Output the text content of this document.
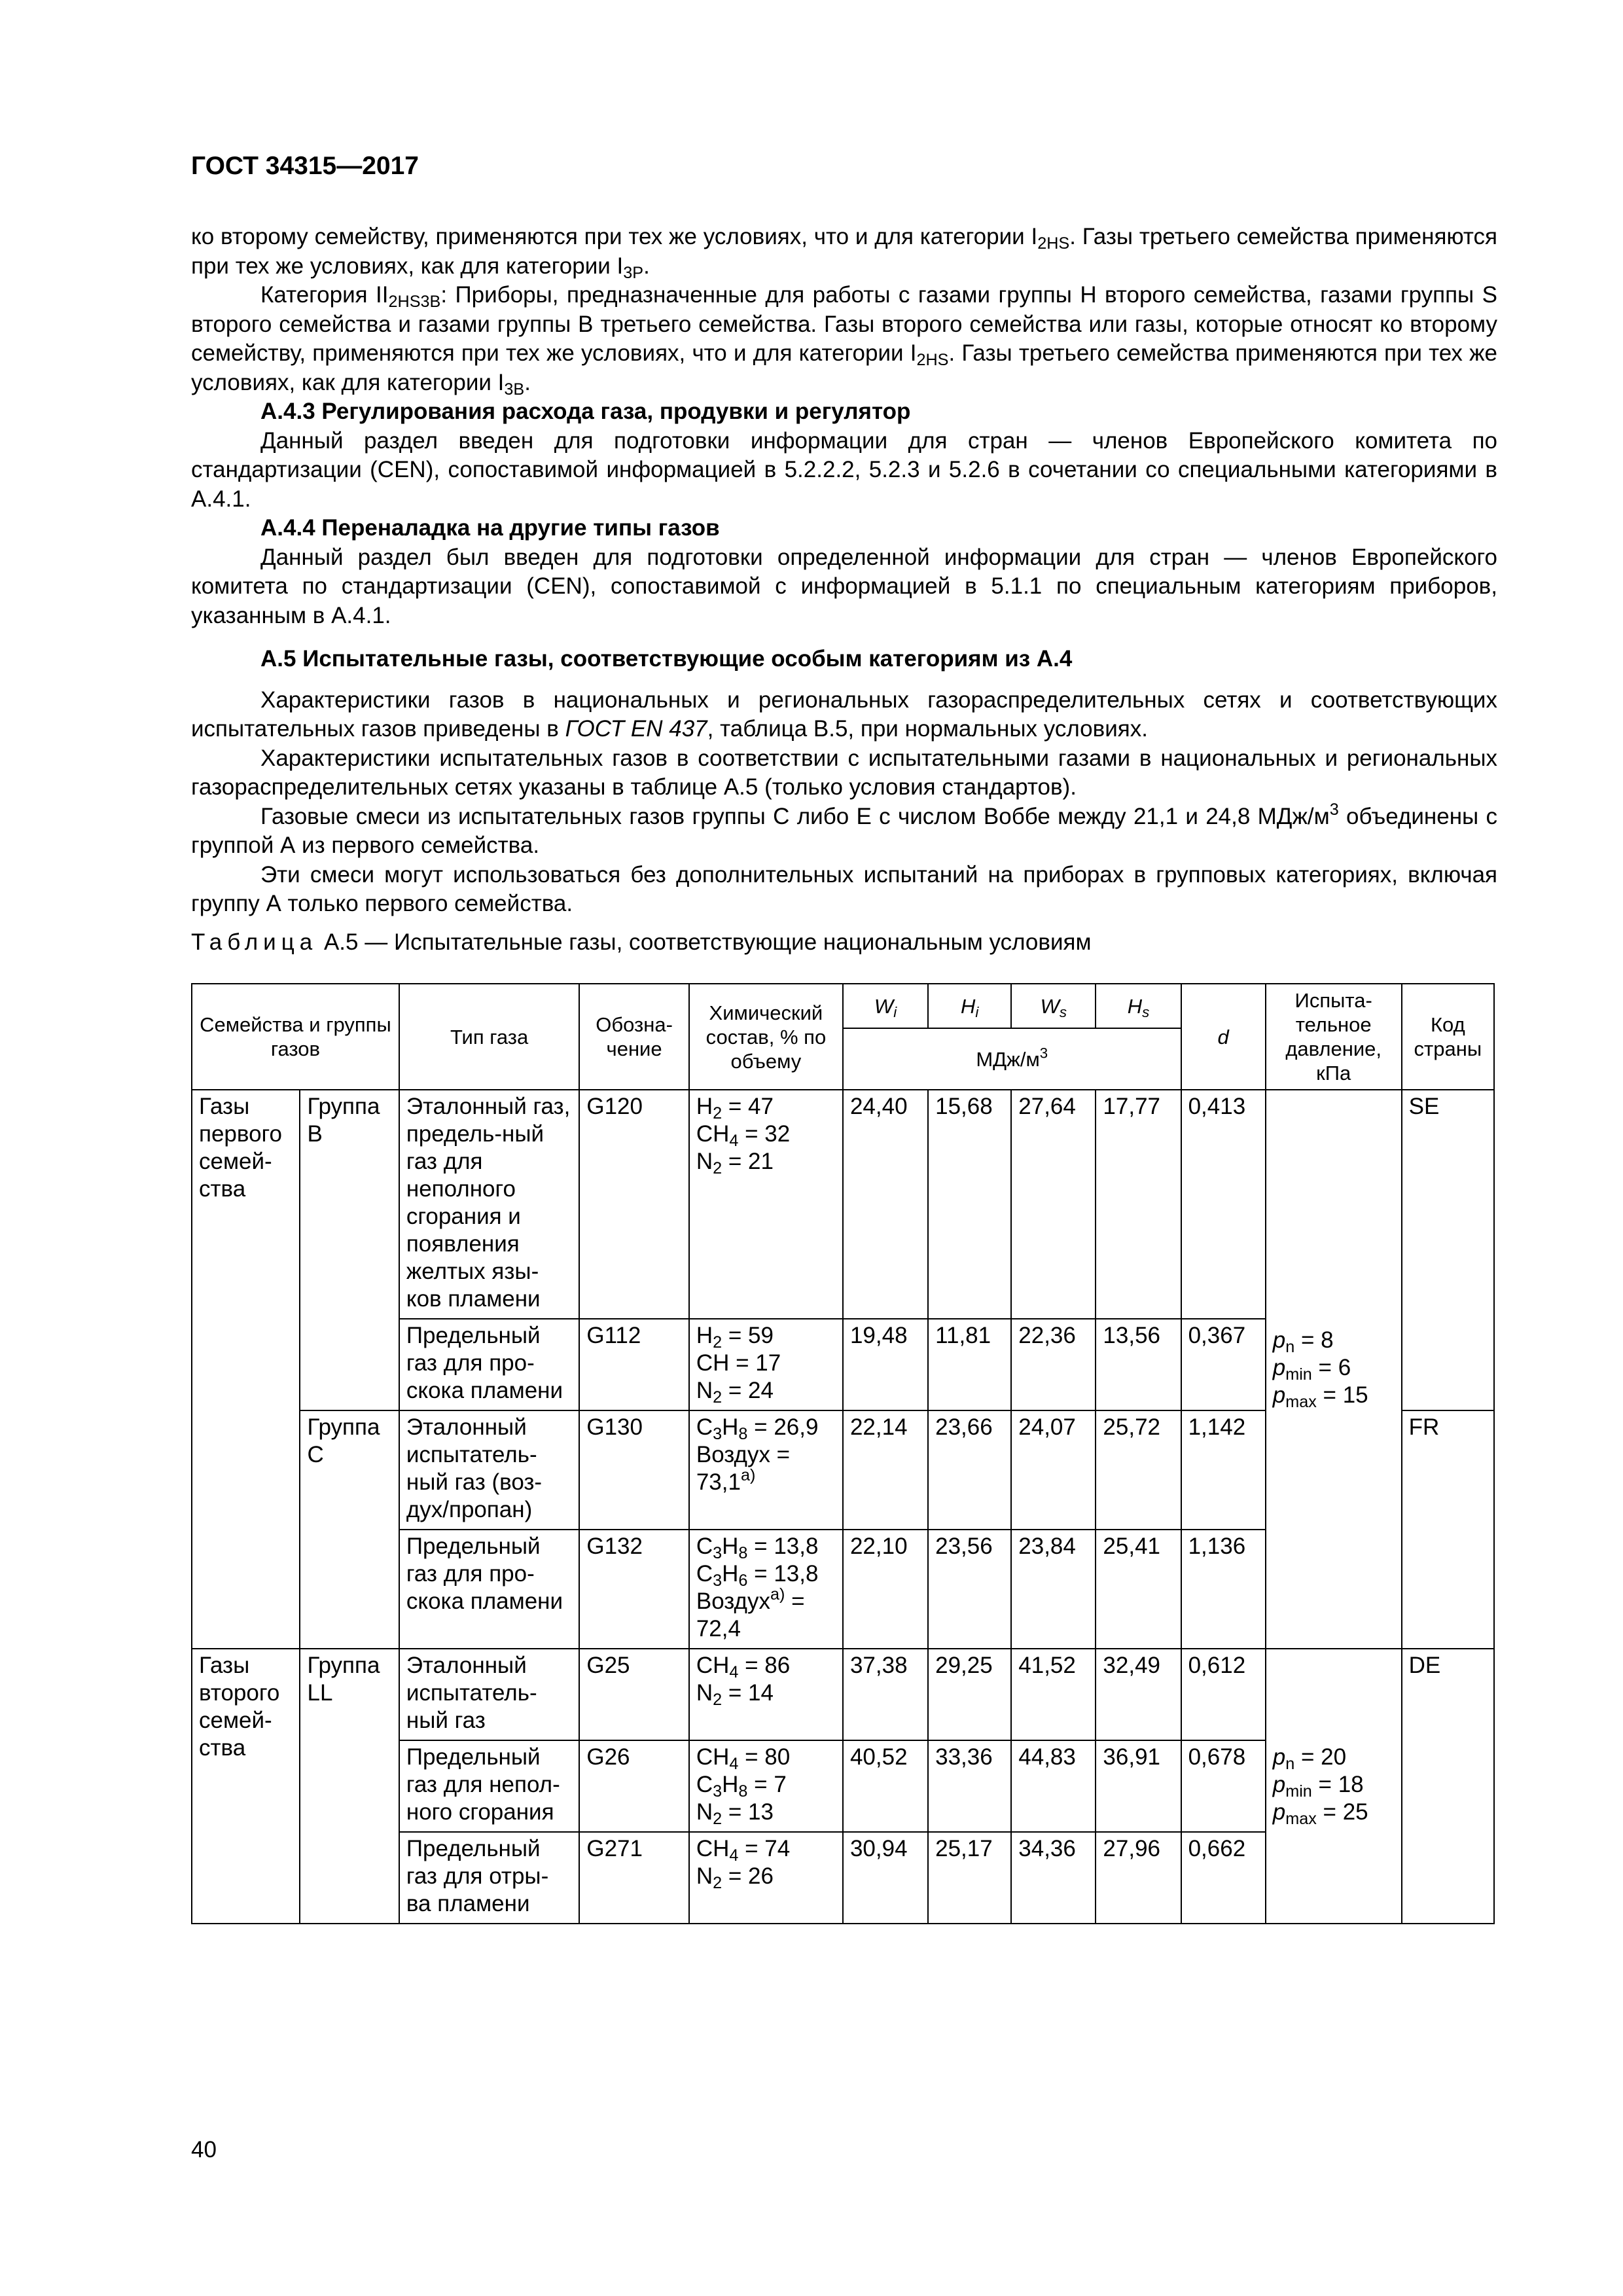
ГОСТ 34315—2017

ко второму семейству, применяются при тех же условиях, что и для категории $I_{2HS}$. Газы третьего семейства применяются при тех же условиях, как для категории $I_{3P}$.

Категория $II_{2HS3B}$: Приборы, предназначенные для работы с газами группы H второго семейства, газами группы S второго семейства и газами группы B третьего семейства. Газы второго семейства или газы, которые относят ко второму семейству, применяются при тех же условиях, что и для категории $I_{2HS}$. Газы третьего семейства применяются при тех же условиях, как для категории $I_{3B}$.

А.4.3 Регулирования расхода газа, продувки и регулятор

Данный раздел введен для подготовки информации для стран — членов Европейского комитета по стандартизации (CEN), сопоставимой информацией в 5.2.2.2, 5.2.3 и 5.2.6 в сочетании со специальными категориями в А.4.1.

А.4.4 Переналадка на другие типы газов

Данный раздел был введен для подготовки определенной информации для стран — членов Европейского комитета по стандартизации (CEN), сопоставимой с информацией в 5.1.1 по специальным категориям приборов, указанным в А.4.1.

А.5 Испытательные газы, соответствующие особым категориям из А.4

Характеристики газов в национальных и региональных газораспределительных сетях и соответствующих испытательных газов приведены в ГОСТ EN 437, таблица В.5, при нормальных условиях.

Характеристики испытательных газов в соответствии с испытательными газами в национальных и региональных газораспределительных сетях указаны в таблице А.5 (только условия стандартов).

Газовые смеси из испытательных газов группы C либо E с числом Воббе между 21,1 и 24,8 МДж/$м^3$ объединены с группой А из первого семейства.

Эти смеси могут использоваться без дополнительных испытаний на приборах в групповых категориях, включая группу А только первого семейства.

Таблица А.5 — Испытательные газы, соответствующие национальным условиям
Семейства и группы газов		Тип газа	Обозна-чение	Химический состав, % по объему	$W_i$	$H_i$	$W_s$	$H_s$	d	Испыта-тельное давление, кПа	Код страны
					МДж/$м^3$
Газы первого семей-ства	Группа B	Эталонный газ, предель-ный газ для неполного сгорания и появления желтых язы-ков пламени	G120	$H_2 = 47$
$CH_4 = 32$
$N_2 = 21$	24,40	15,68	27,64	17,77	0,413	$p_n = 8$
$p_{min} = 6$
$p_{max} = 15$	SE
		Предельный газ для про-скока пламени	G112	$H_2 = 59$
CH = 17
$N_2 = 24$	19,48	11,81	22,36	13,56	0,367		
	Группа C	Эталонный испытатель-ный газ (воз-дух/пропан)	G130	$C_3H_8 = 26,9$
Воздух =
$73,1^{a)}$	22,14	23,66	24,07	25,72	1,142		FR
		Предельный газ для про-скока пламени	G132	$C_3H_8 = 13,8$
$C_3H_6 = 13,8$
Воздух$^{a)}$ =
72,4	22,10	23,56	23,84	25,41	1,136		
Газы второго семей-ства	Группа LL	Эталонный испытатель-ный газ	G25	$CH_4 = 86$
$N_2 = 14$	37,38	29,25	41,52	32,49	0,612	$p_n = 20$
$p_{min} = 18$
$p_{max} = 25$	DE
		Предельный газ для непол-ного сгорания	G26	$CH_4 = 80$
$C_3H_8 = 7$
$N_2 = 13$	40,52	33,36	44,83	36,91	0,678		
		Предельный газ для отры-ва пламени	G271	$CH_4 = 74$
$N_2 = 26$	30,94	25,17	34,36	27,96	0,662		
40
